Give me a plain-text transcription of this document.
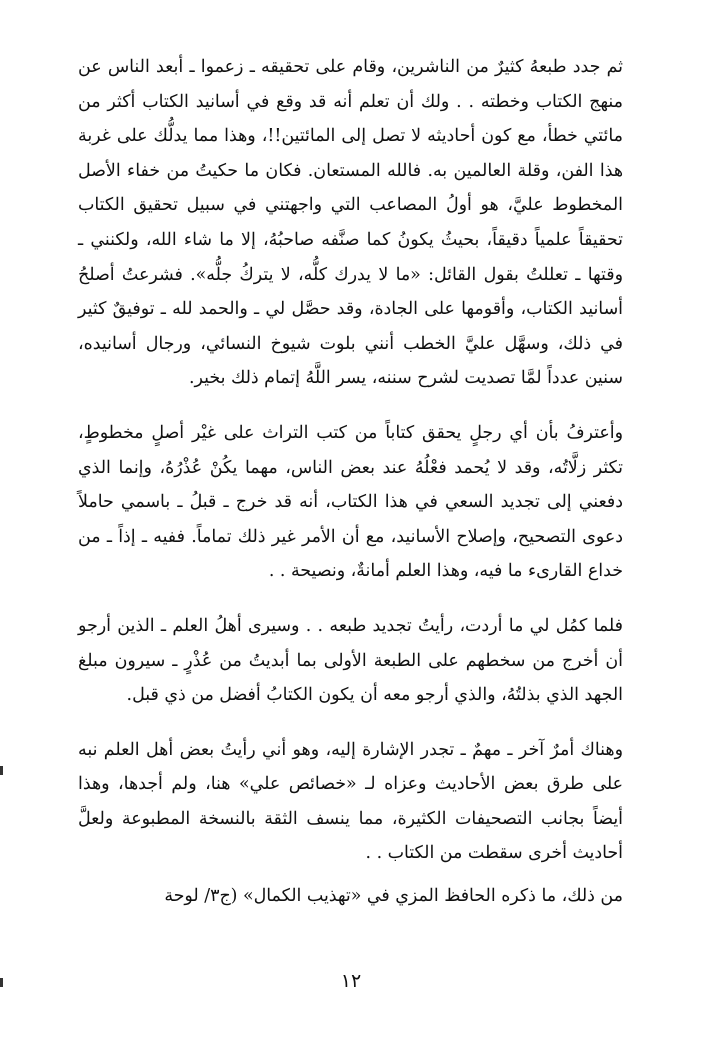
ثم جدد طبعهُ كثيرٌ من الناشرين، وقام على تحقيقه ـ زعموا ـ أبعد الناس عن منهج الكتاب وخطته . . ولك أن تعلم أنه قد وقع في أسانيد الكتاب أكثر من مائتي خطأ، مع كون أحاديثه لا تصل إلى المائتين!!، وهذا مما يدلُّك على غربة هذا الفن، وقلة العالمين به. فالله المستعان. فكان ما حكيتُ من خفاء الأصل المخطوط عليَّ، هو أولُ المصاعب التي واجهتني في سبيل تحقيق الكتاب تحقيقاً علمياً دقيقاً، بحيثُ يكونُ كما صنَّفه صاحبُهُ، إلا ما شاء الله، ولكنني ـ وقتها ـ تعللتُ بقول القائل: «ما لا يدرك كلُّه، لا يتركُ جلُّه». فشرعتُ أصلحُ أسانيد الكتاب، وأقومها على الجادة، وقد حصَّل لي ـ والحمد لله ـ توفيقٌ كثير في ذلك، وسهَّل عليَّ الخطب أنني بلوت شيوخ النسائي، ورجال أسانيده، سنين عدداً لمَّا تصديت لشرح سننه، يسر اللَّهُ إتمام ذلك بخير.

وأعترفُ بأن أي رجلٍ يحقق كتاباً من كتب التراث على غيْر أصلٍ مخطوطٍ، تكثر زلَّاتُه، وقد لا يُحمد فعْلُهُ عند بعض الناس، مهما يكُنْ عُذْرُهُ، وإنما الذي دفعني إلى تجديد السعي في هذا الكتاب، أنه قد خرج ـ قبلُ ـ باسمي حاملاً دعوى التصحيح، وإصلاح الأسانيد، مع أن الأمر غير ذلك تماماً. ففيه ـ إذاً ـ من خداع القارىء ما فيه، وهذا العلم أمانةٌ، ونصيحة . .

فلما كمُل لي ما أردت، رأيتُ تجديد طبعه . . وسيرى أهلُ العلم ـ الذين أرجو أن أخرج من سخطهم على الطبعة الأولى بما أبديتُ من عُذْرٍ ـ سيرون مبلغ الجهد الذي بذلتُهُ، والذي أرجو معه أن يكون الكتابُ أفضل من ذي قبل.

وهناك أمرٌ آخر ـ مهمٌ ـ تجدر الإشارة إليه، وهو أني رأيتُ بعض أهل العلم نبه على طرق بعض الأحاديث وعزاه لـ «خصائص علي» هنا، ولم أجدها، وهذا أيضاً بجانب التصحيفات الكثيرة، مما ينسف الثقة بالنسخة المطبوعة ولعلَّ أحاديث أخرى سقطت من الكتاب . .

من ذلك، ما ذكره الحافظ المزي في «تهذيب الكمال» (ج٣/ لوحة

١٢
